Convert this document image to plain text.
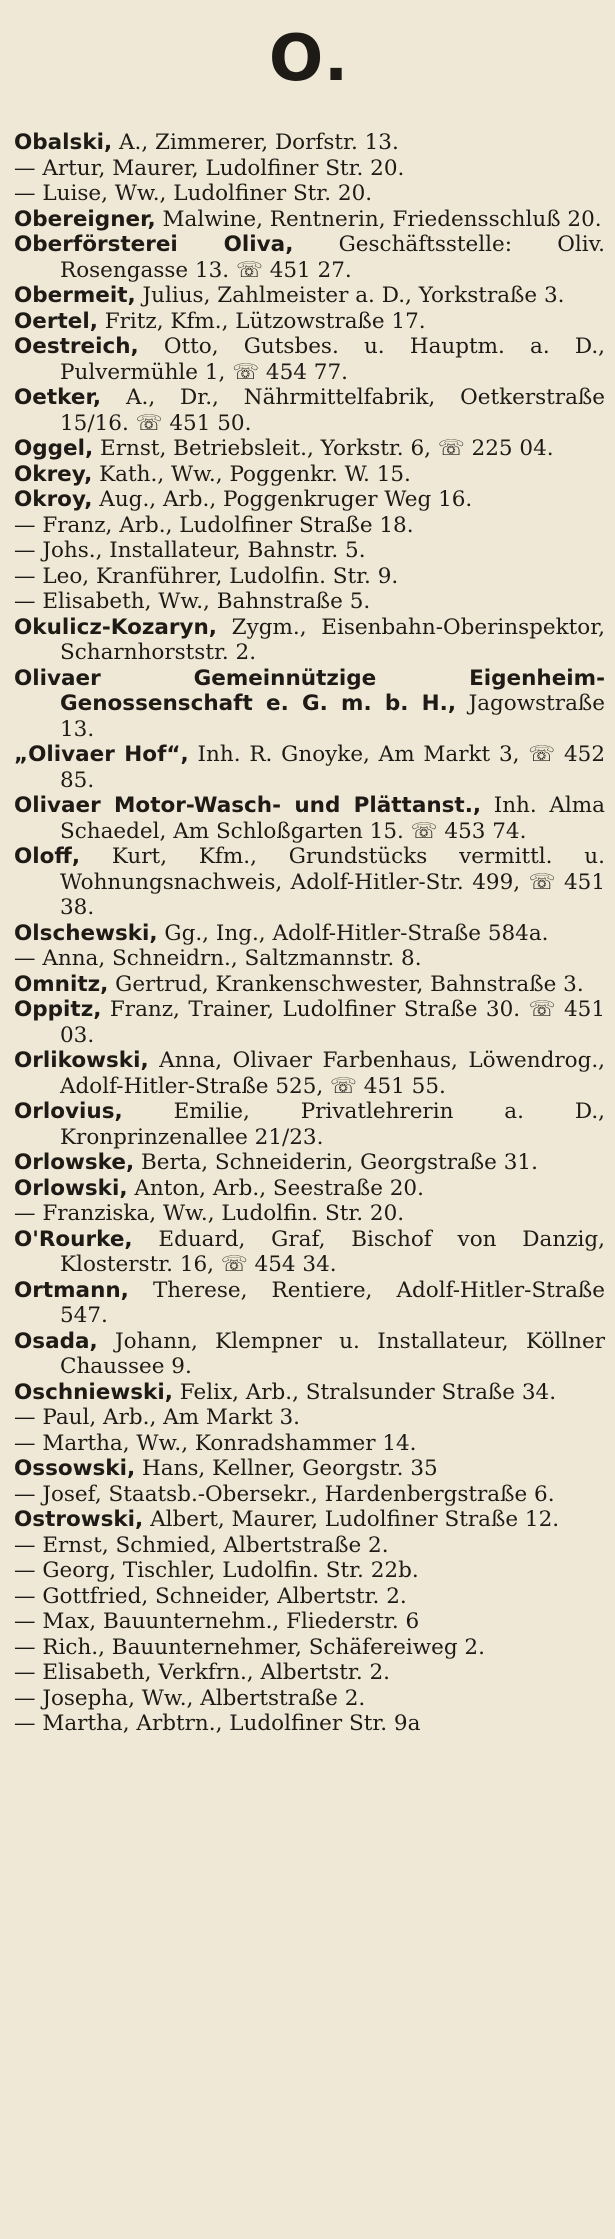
O.

Obalski, A., Zimmerer, Dorfstr. 13.

— Artur, Maurer, Ludolfiner Str. 20.

— Luise, Ww., Ludolfiner Str. 20.

Obereigner, Malwine, Rentnerin, Friedensschluß 20.

Oberförsterei Oliva, Geschäftsstelle: Oliv. Rosengasse 13. ☏ 451 27.

Obermeit, Julius, Zahlmeister a. D., Yorkstraße 3.

Oertel, Fritz, Kfm., Lützowstraße 17.

Oestreich, Otto, Gutsbes. u. Hauptm. a. D., Pulvermühle 1, ☏ 454 77.

Oetker, A., Dr., Nährmittelfabrik, Oetkerstraße 15/16. ☏ 451 50.

Oggel, Ernst, Betriebsleit., Yorkstr. 6, ☏ 225 04.

Okrey, Kath., Ww., Poggenkr. W. 15.

Okroy, Aug., Arb., Poggenkruger Weg 16.

— Franz, Arb., Ludolfiner Straße 18.

— Johs., Installateur, Bahnstr. 5.

— Leo, Kranführer, Ludolfin. Str. 9.

— Elisabeth, Ww., Bahnstraße 5.

Okulicz-Kozaryn, Zygm., Eisenbahn-Oberinspektor, Scharnhorststr. 2.

Olivaer Gemeinnützige Eigenheim-Genossenschaft e. G. m. b. H., Jagowstraße 13.

„Olivaer Hof“, Inh. R. Gnoyke, Am Markt 3, ☏ 452 85.

Olivaer Motor-Wasch- und Plättanst., Inh. Alma Schaedel, Am Schloßgarten 15. ☏ 453 74.

Oloff, Kurt, Kfm., Grundstücks vermittl. u. Wohnungsnachweis, Adolf-Hitler-Str. 499, ☏ 451 38.

Olschewski, Gg., Ing., Adolf-Hitler-Straße 584a.

— Anna, Schneidrn., Saltzmannstr. 8.

Omnitz, Gertrud, Krankenschwester, Bahnstraße 3.

Oppitz, Franz, Trainer, Ludolfiner Straße 30. ☏ 451 03.

Orlikowski, Anna, Olivaer Farbenhaus, Löwendrog., Adolf-Hitler-Straße 525, ☏ 451 55.

Orlovius, Emilie, Privatlehrerin a. D., Kronprinzenallee 21/23.

Orlowske, Berta, Schneiderin, Georgstraße 31.

Orlowski, Anton, Arb., Seestraße 20.

— Franziska, Ww., Ludolfin. Str. 20.

O'Rourke, Eduard, Graf, Bischof von Danzig, Klosterstr. 16, ☏ 454 34.

Ortmann, Therese, Rentiere, Adolf-Hitler-Straße 547.

Osada, Johann, Klempner u. Installateur, Köllner Chaussee 9.

Oschniewski, Felix, Arb., Stralsunder Straße 34.

— Paul, Arb., Am Markt 3.

— Martha, Ww., Konradshammer 14.

Ossowski, Hans, Kellner, Georgstr. 35

— Josef, Staatsb.-Obersekr., Hardenbergstraße 6.

Ostrowski, Albert, Maurer, Ludolfiner Straße 12.

— Ernst, Schmied, Albertstraße 2.

— Georg, Tischler, Ludolfin. Str. 22b.

— Gottfried, Schneider, Albertstr. 2.

— Max, Bauunternehm., Fliederstr. 6

— Rich., Bauunternehmer, Schäfereiweg 2.

— Elisabeth, Verkfrn., Albertstr. 2.

— Josepha, Ww., Albertstraße 2.

— Martha, Arbtrn., Ludolfiner Str. 9a
